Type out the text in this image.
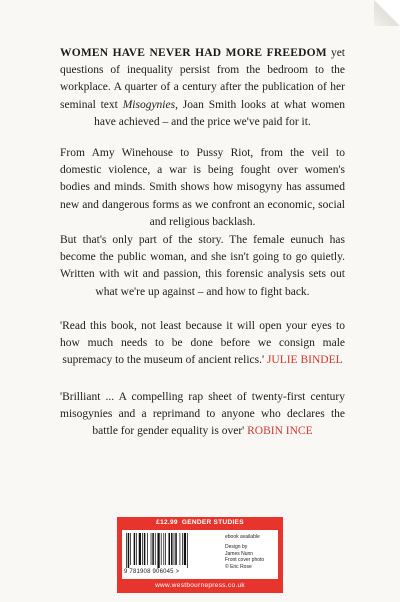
WOMEN HAVE NEVER HAD MORE FREEDOM yet questions of inequality persist from the bedroom to the workplace. A quarter of a century after the publication of her seminal text Misogynies, Joan Smith looks at what women have achieved – and the price we've paid for it.

From Amy Winehouse to Pussy Riot, from the veil to domestic violence, a war is being fought over women's bodies and minds. Smith shows how misogyny has assumed new and dangerous forms as we confront an economic, social and religious backlash.

But that's only part of the story. The female eunuch has become the public woman, and she isn't going to go quietly. Written with wit and passion, this forensic analysis sets out what we're up against – and how to fight back.

'Read this book, not least because it will open your eyes to how much needs to be done before we consign male supremacy to the museum of ancient relics.' JULIE BINDEL

'Brilliant ... A compelling rap sheet of twenty-first century misogynies and a reprimand to anyone who declares the battle for gender equality is over' ROBIN INCE

£12.99 GENDER STUDIES
9 781908 906045 >
ebook available
Design by
James Nunn
Front cover photo
© Eric Rose
www.westbournepress.co.uk
